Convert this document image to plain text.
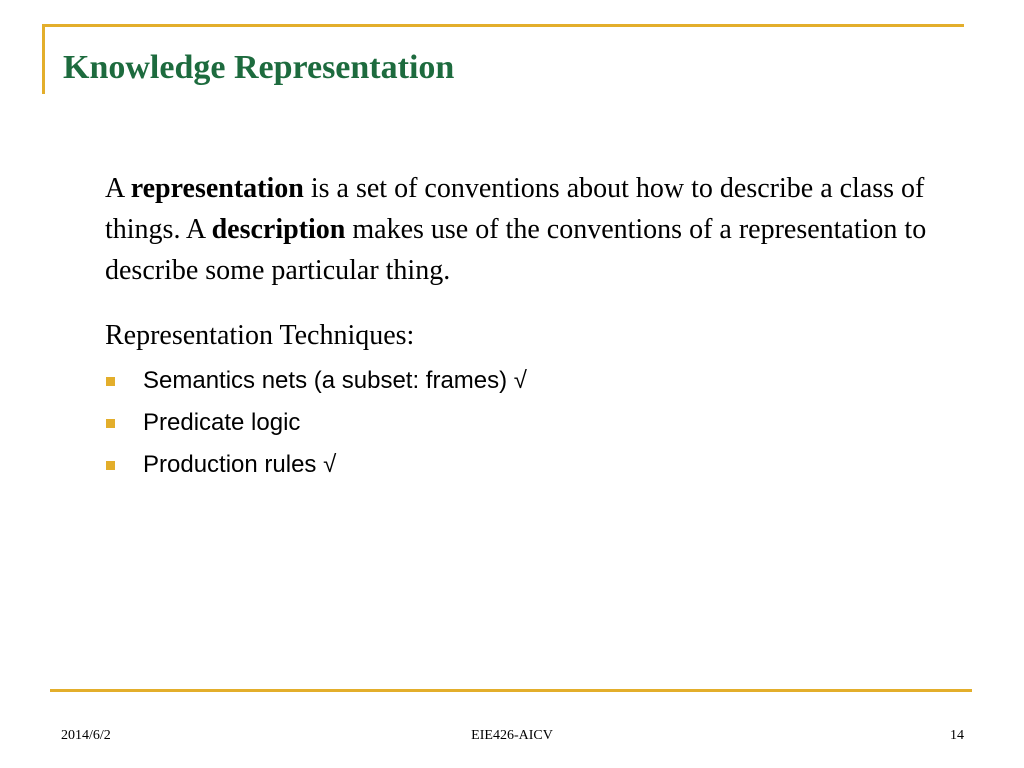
Knowledge Representation

A representation is a set of conventions about how to describe a class of things. A description makes use of the conventions of a representation to describe some particular thing.

Representation Techniques:

Semantics nets (a subset: frames) √
Predicate logic
Production rules √
2014/6/2	EIE426-AICV	14
